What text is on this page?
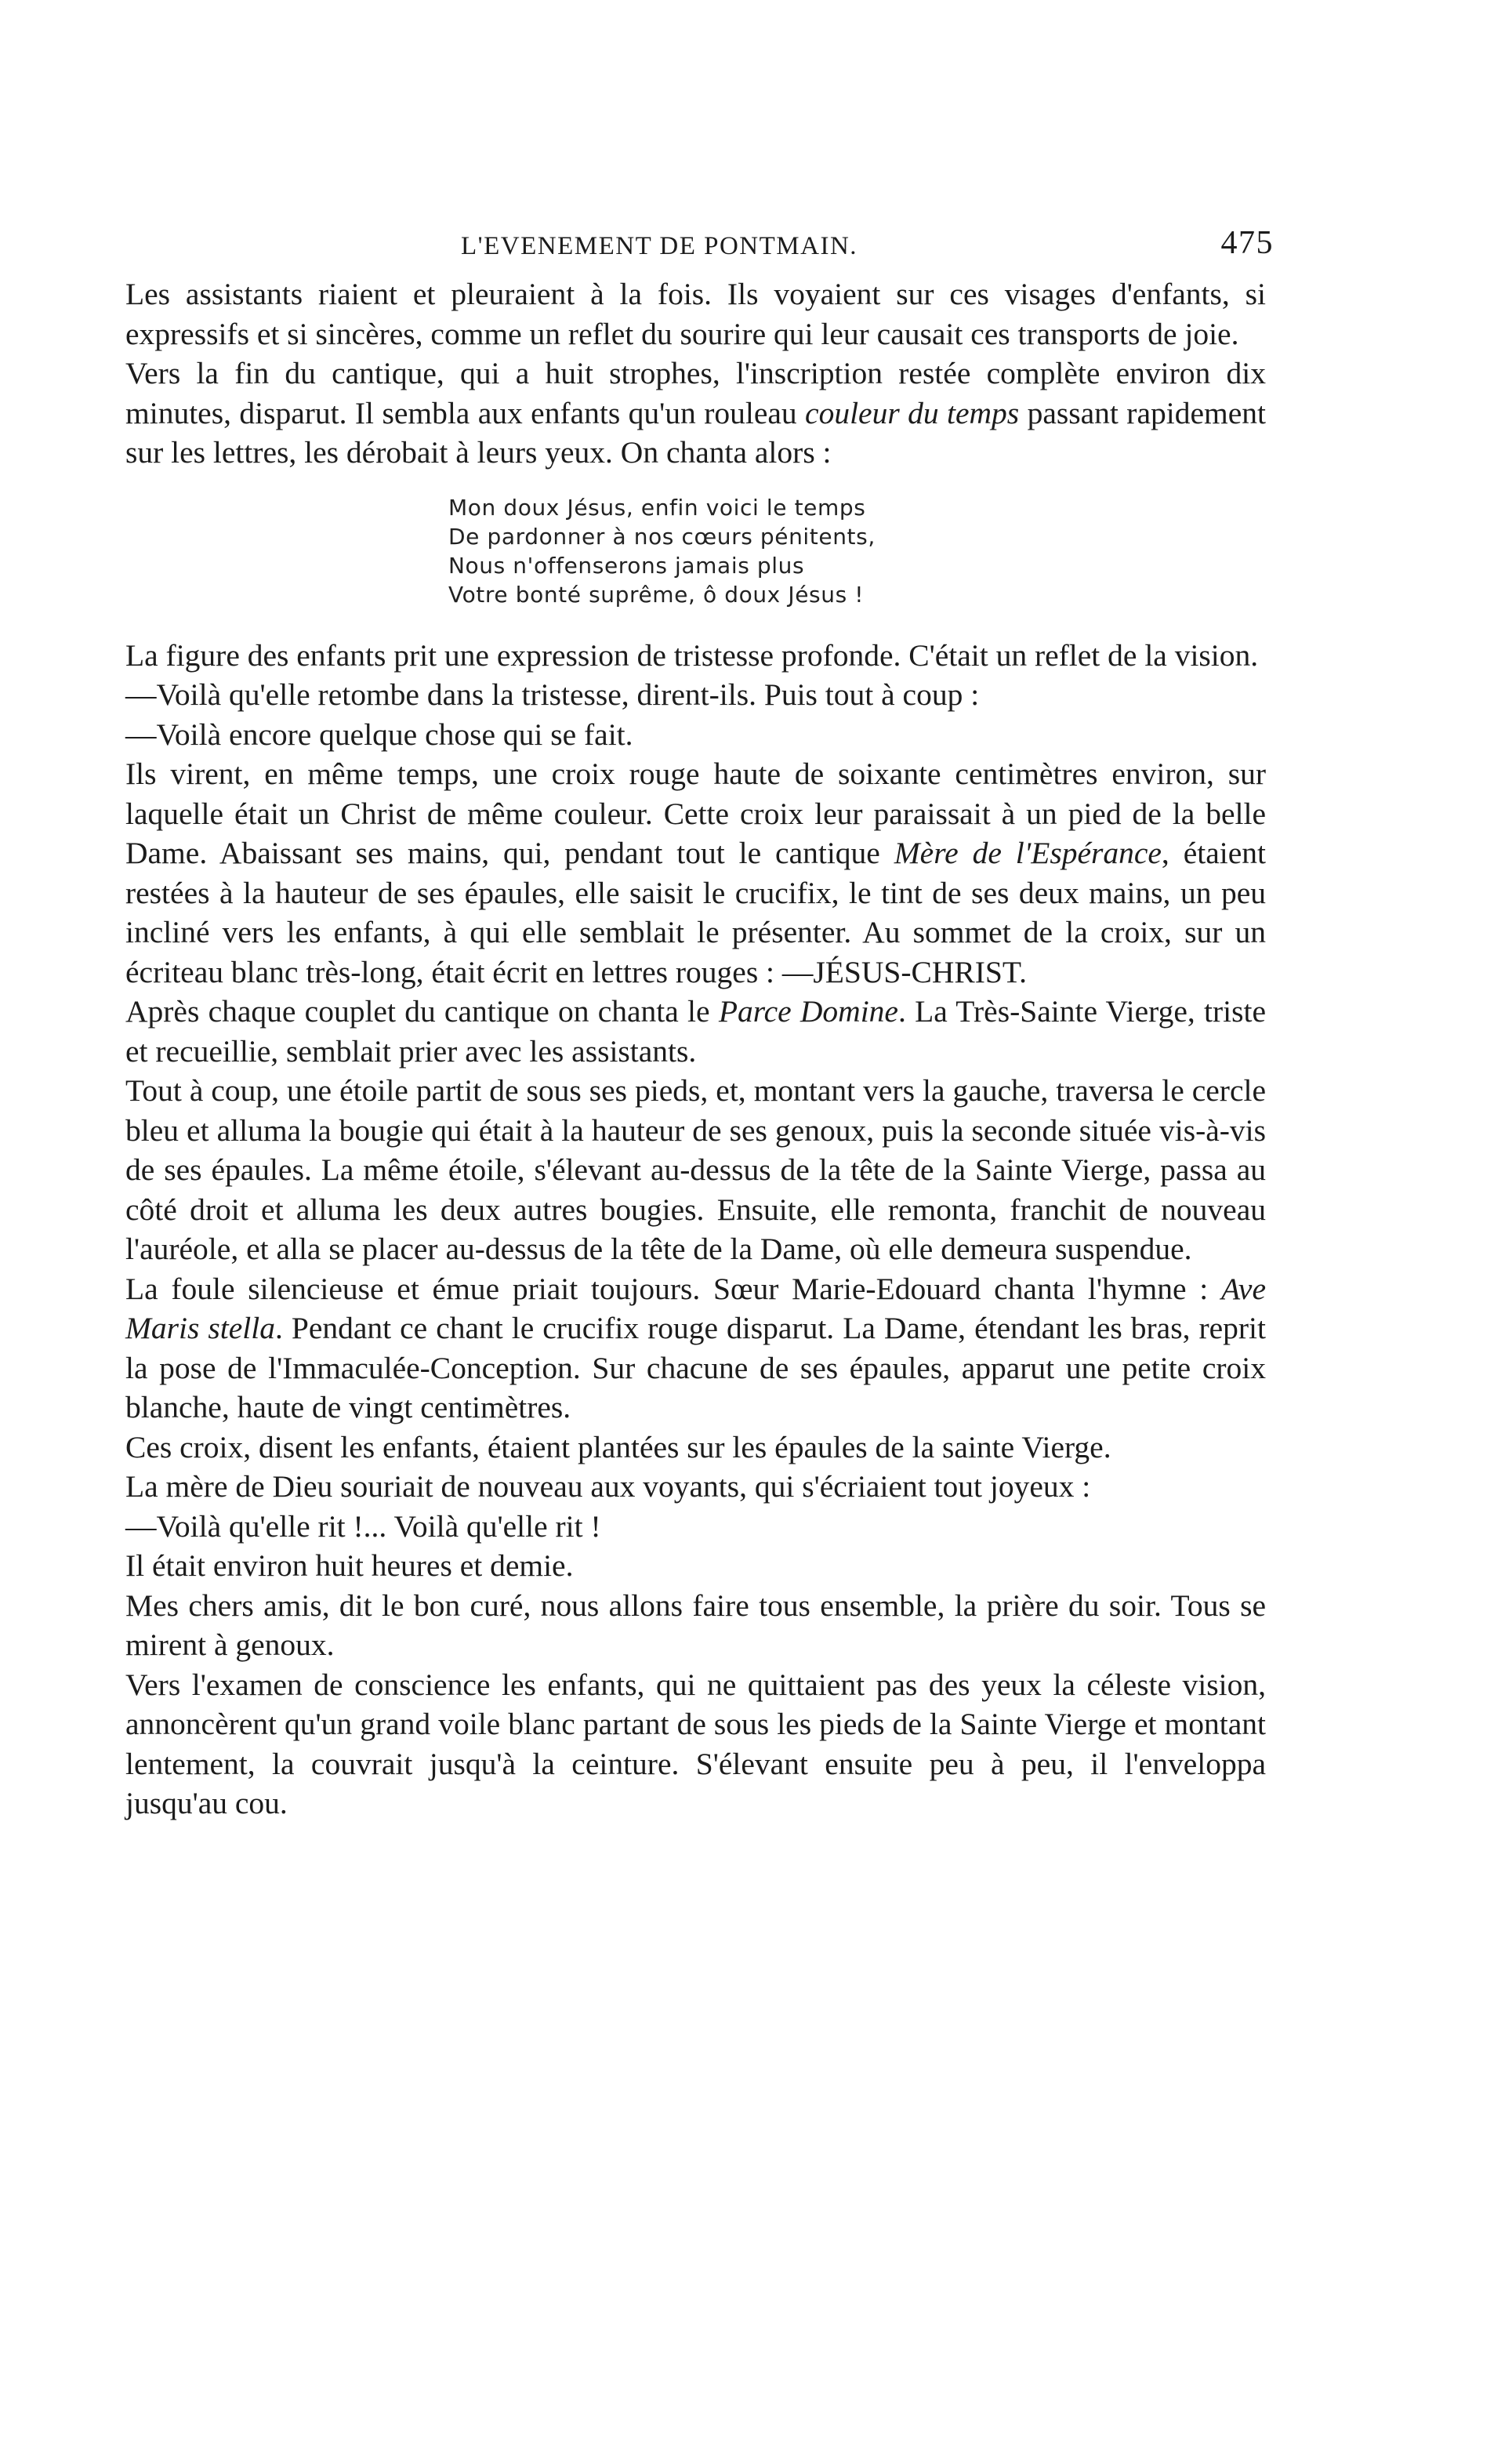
L'EVENEMENT DE PONTMAIN.	475

Les assistants riaient et pleuraient à la fois. Ils voyaient sur ces visages d'enfants, si expressifs et si sincères, comme un reflet du sourire qui leur causait ces transports de joie.

Vers la fin du cantique, qui a huit strophes, l'inscription restée complète environ dix minutes, disparut. Il sembla aux enfants qu'un rouleau couleur du temps passant rapidement sur les lettres, les dérobait à leurs yeux. On chanta alors :

Mon doux Jésus, enfin voici le temps
De pardonner à nos cœurs pénitents,
Nous n'offenserons jamais plus
Votre bonté suprême, ô doux Jésus !

La figure des enfants prit une expression de tristesse profonde. C'était un reflet de la vision.

—Voilà qu'elle retombe dans la tristesse, dirent-ils. Puis tout à coup :

—Voilà encore quelque chose qui se fait.

Ils virent, en même temps, une croix rouge haute de soixante centimètres environ, sur laquelle était un Christ de même couleur. Cette croix leur paraissait à un pied de la belle Dame. Abaissant ses mains, qui, pendant tout le cantique Mère de l'Espérance, étaient restées à la hauteur de ses épaules, elle saisit le crucifix, le tint de ses deux mains, un peu incliné vers les enfants, à qui elle semblait le présenter. Au sommet de la croix, sur un écriteau blanc très-long, était écrit en lettres rouges : —JÉSUS-CHRIST.

Après chaque couplet du cantique on chanta le Parce Domine. La Très-Sainte Vierge, triste et recueillie, semblait prier avec les assistants.

Tout à coup, une étoile partit de sous ses pieds, et, montant vers la gauche, traversa le cercle bleu et alluma la bougie qui était à la hauteur de ses genoux, puis la seconde située vis-à-vis de ses épaules. La même étoile, s'élevant au-dessus de la tête de la Sainte Vierge, passa au côté droit et alluma les deux autres bougies. Ensuite, elle remonta, franchit de nouveau l'auréole, et alla se placer au-dessus de la tête de la Dame, où elle demeura suspendue.

La foule silencieuse et émue priait toujours. Sœur Marie-Edouard chanta l'hymne : Ave Maris stella. Pendant ce chant le crucifix rouge disparut. La Dame, étendant les bras, reprit la pose de l'Immaculée-Conception. Sur chacune de ses épaules, apparut une petite croix blanche, haute de vingt centimètres.

Ces croix, disent les enfants, étaient plantées sur les épaules de la sainte Vierge.

La mère de Dieu souriait de nouveau aux voyants, qui s'écriaient tout joyeux :

—Voilà qu'elle rit !... Voilà qu'elle rit !

Il était environ huit heures et demie.

Mes chers amis, dit le bon curé, nous allons faire tous ensemble, la prière du soir. Tous se mirent à genoux.

Vers l'examen de conscience les enfants, qui ne quittaient pas des yeux la céleste vision, annoncèrent qu'un grand voile blanc partant de sous les pieds de la Sainte Vierge et montant lentement, la couvrait jusqu'à la ceinture. S'élevant ensuite peu à peu, il l'enveloppa jusqu'au cou.
